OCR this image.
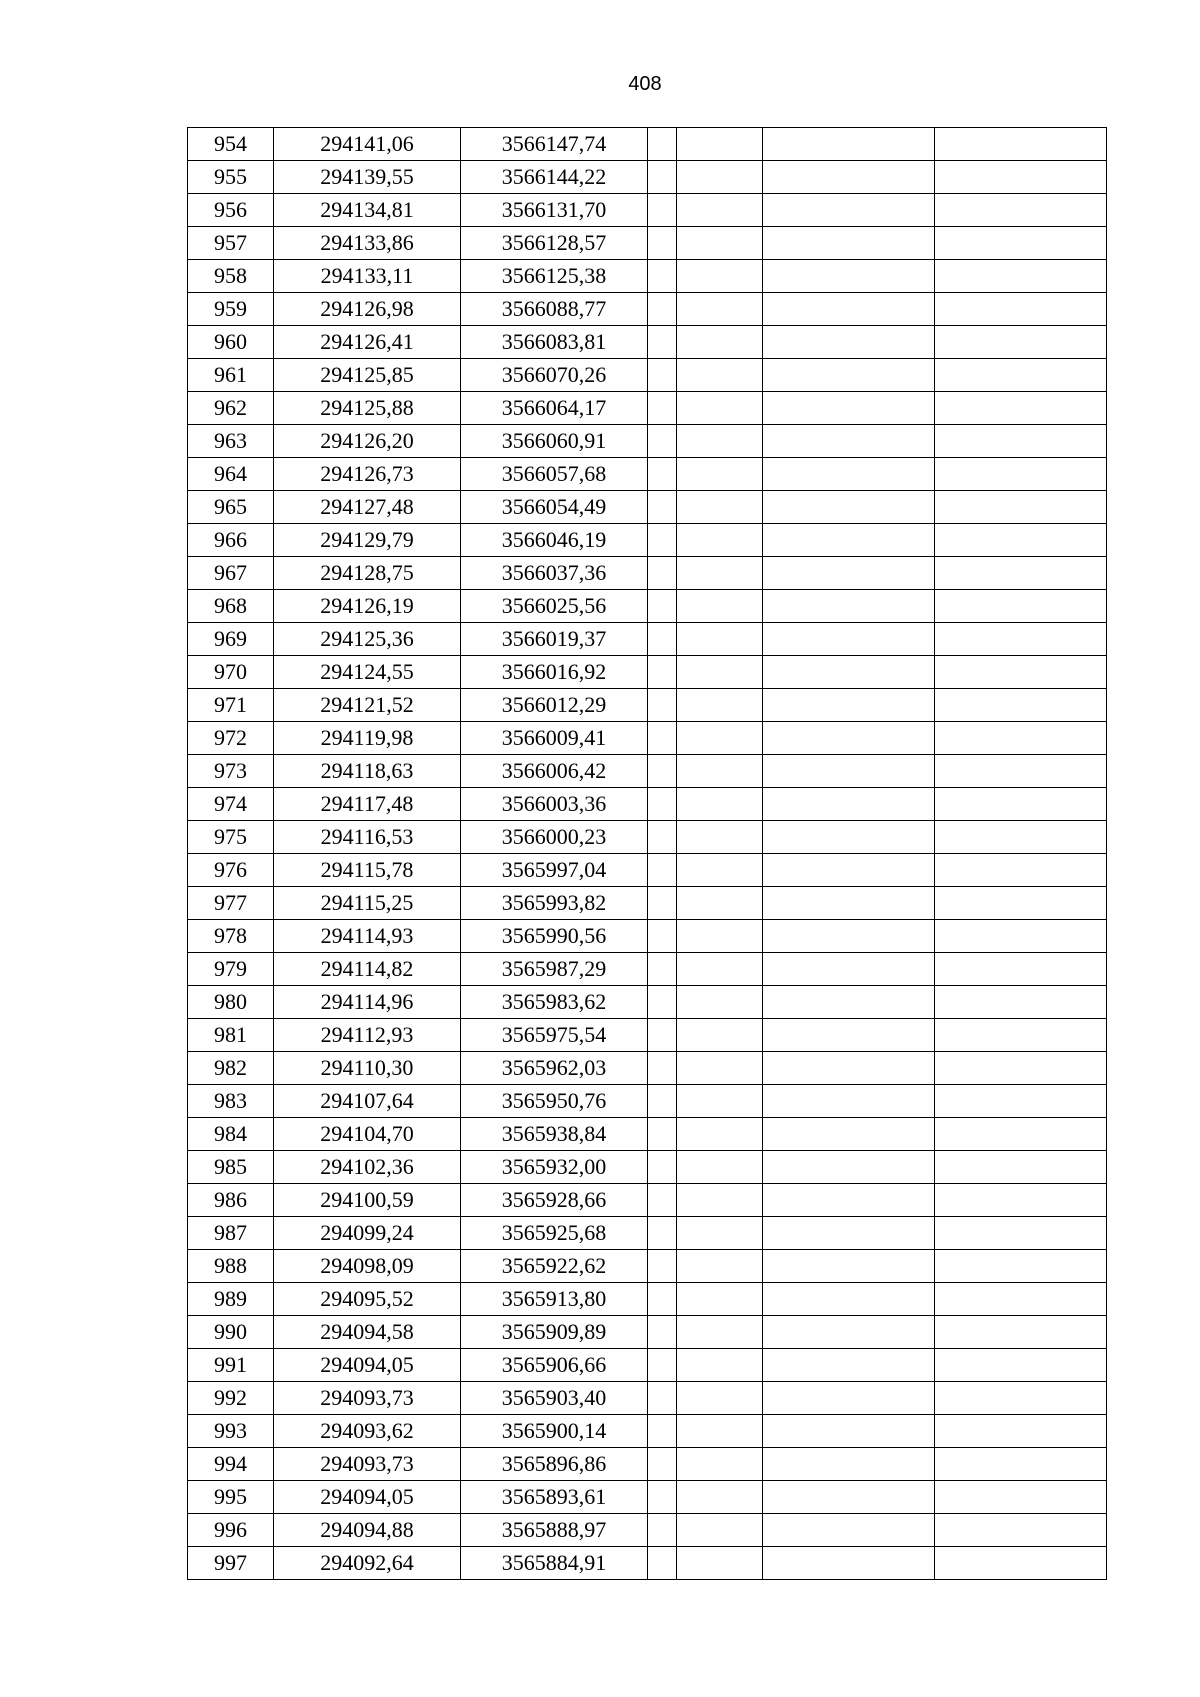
408
954	294141,06	3566147,74				
955	294139,55	3566144,22				
956	294134,81	3566131,70				
957	294133,86	3566128,57				
958	294133,11	3566125,38				
959	294126,98	3566088,77				
960	294126,41	3566083,81				
961	294125,85	3566070,26				
962	294125,88	3566064,17				
963	294126,20	3566060,91				
964	294126,73	3566057,68				
965	294127,48	3566054,49				
966	294129,79	3566046,19				
967	294128,75	3566037,36				
968	294126,19	3566025,56				
969	294125,36	3566019,37				
970	294124,55	3566016,92				
971	294121,52	3566012,29				
972	294119,98	3566009,41				
973	294118,63	3566006,42				
974	294117,48	3566003,36				
975	294116,53	3566000,23				
976	294115,78	3565997,04				
977	294115,25	3565993,82				
978	294114,93	3565990,56				
979	294114,82	3565987,29				
980	294114,96	3565983,62				
981	294112,93	3565975,54				
982	294110,30	3565962,03				
983	294107,64	3565950,76				
984	294104,70	3565938,84				
985	294102,36	3565932,00				
986	294100,59	3565928,66				
987	294099,24	3565925,68				
988	294098,09	3565922,62				
989	294095,52	3565913,80				
990	294094,58	3565909,89				
991	294094,05	3565906,66				
992	294093,73	3565903,40				
993	294093,62	3565900,14				
994	294093,73	3565896,86				
995	294094,05	3565893,61				
996	294094,88	3565888,97				
997	294092,64	3565884,91				
